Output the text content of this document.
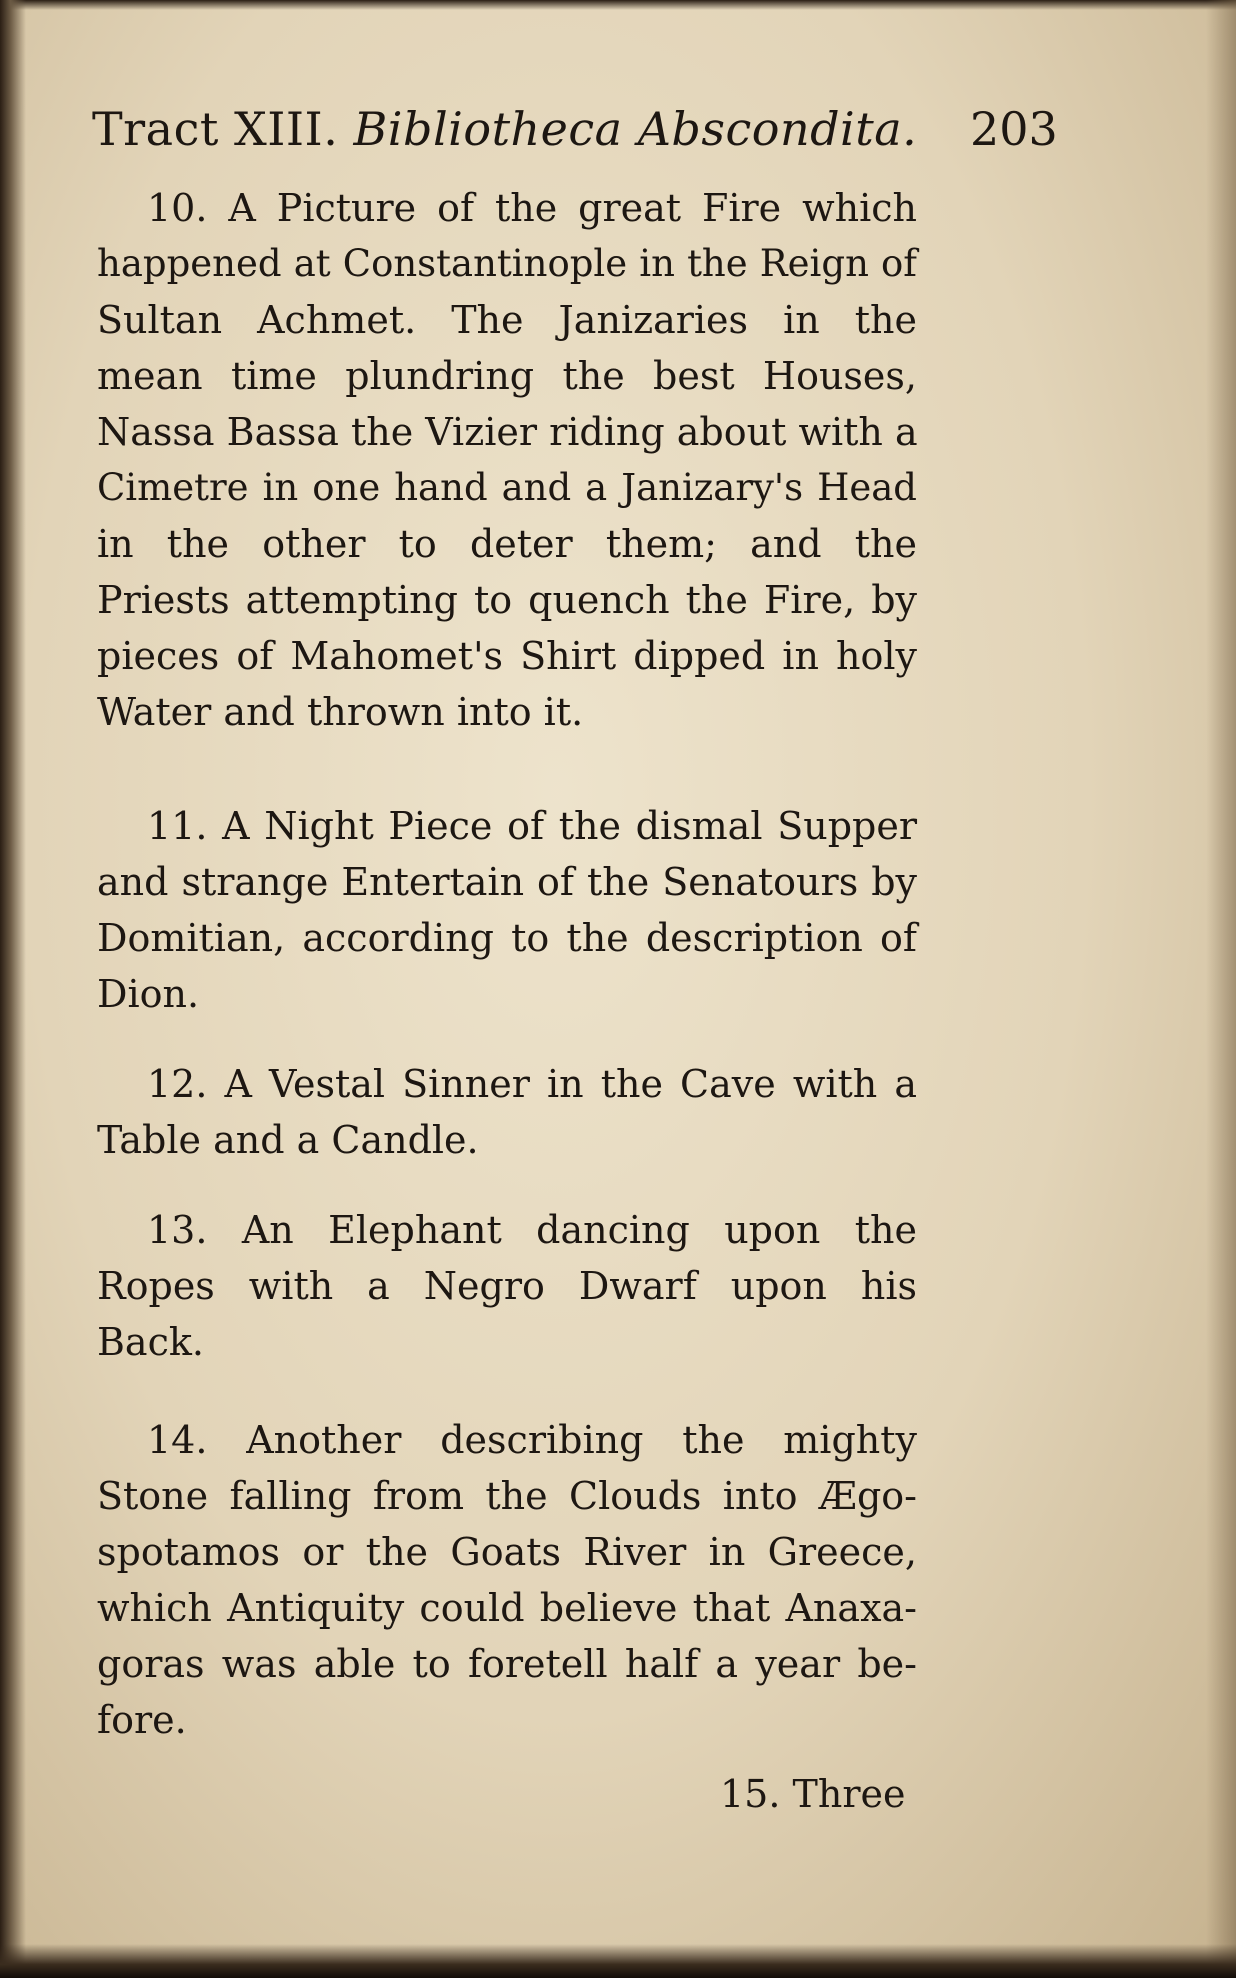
Tract XIII. Bibliotheca Abscondita. 203
10. A Picture of the great Fire which
happened at Constantinople in the Reign of
Sultan Achmet. The Janizaries in the
mean time plundring the best Houses,
Nassa Bassa the Vizier riding about with a
Cimetre in one hand and a Janizary's Head
in the other to deter them; and the
Priests attempting to quench the Fire, by
pieces of Mahomet's Shirt dipped in holy
Water and thrown into it.
11. A Night Piece of the dismal Supper
and strange Entertain of the Senatours by
Domitian, according to the description of
Dion.
12. A Vestal Sinner in the Cave with a
Table and a Candle.
13. An Elephant dancing upon the
Ropes with a Negro Dwarf upon his
Back.
14. Another describing the mighty
Stone falling from the Clouds into Ægo-
spotamos or the Goats River in Greece,
which Antiquity could believe that Anaxa-
goras was able to foretell half a year be-
fore.
15. Three
